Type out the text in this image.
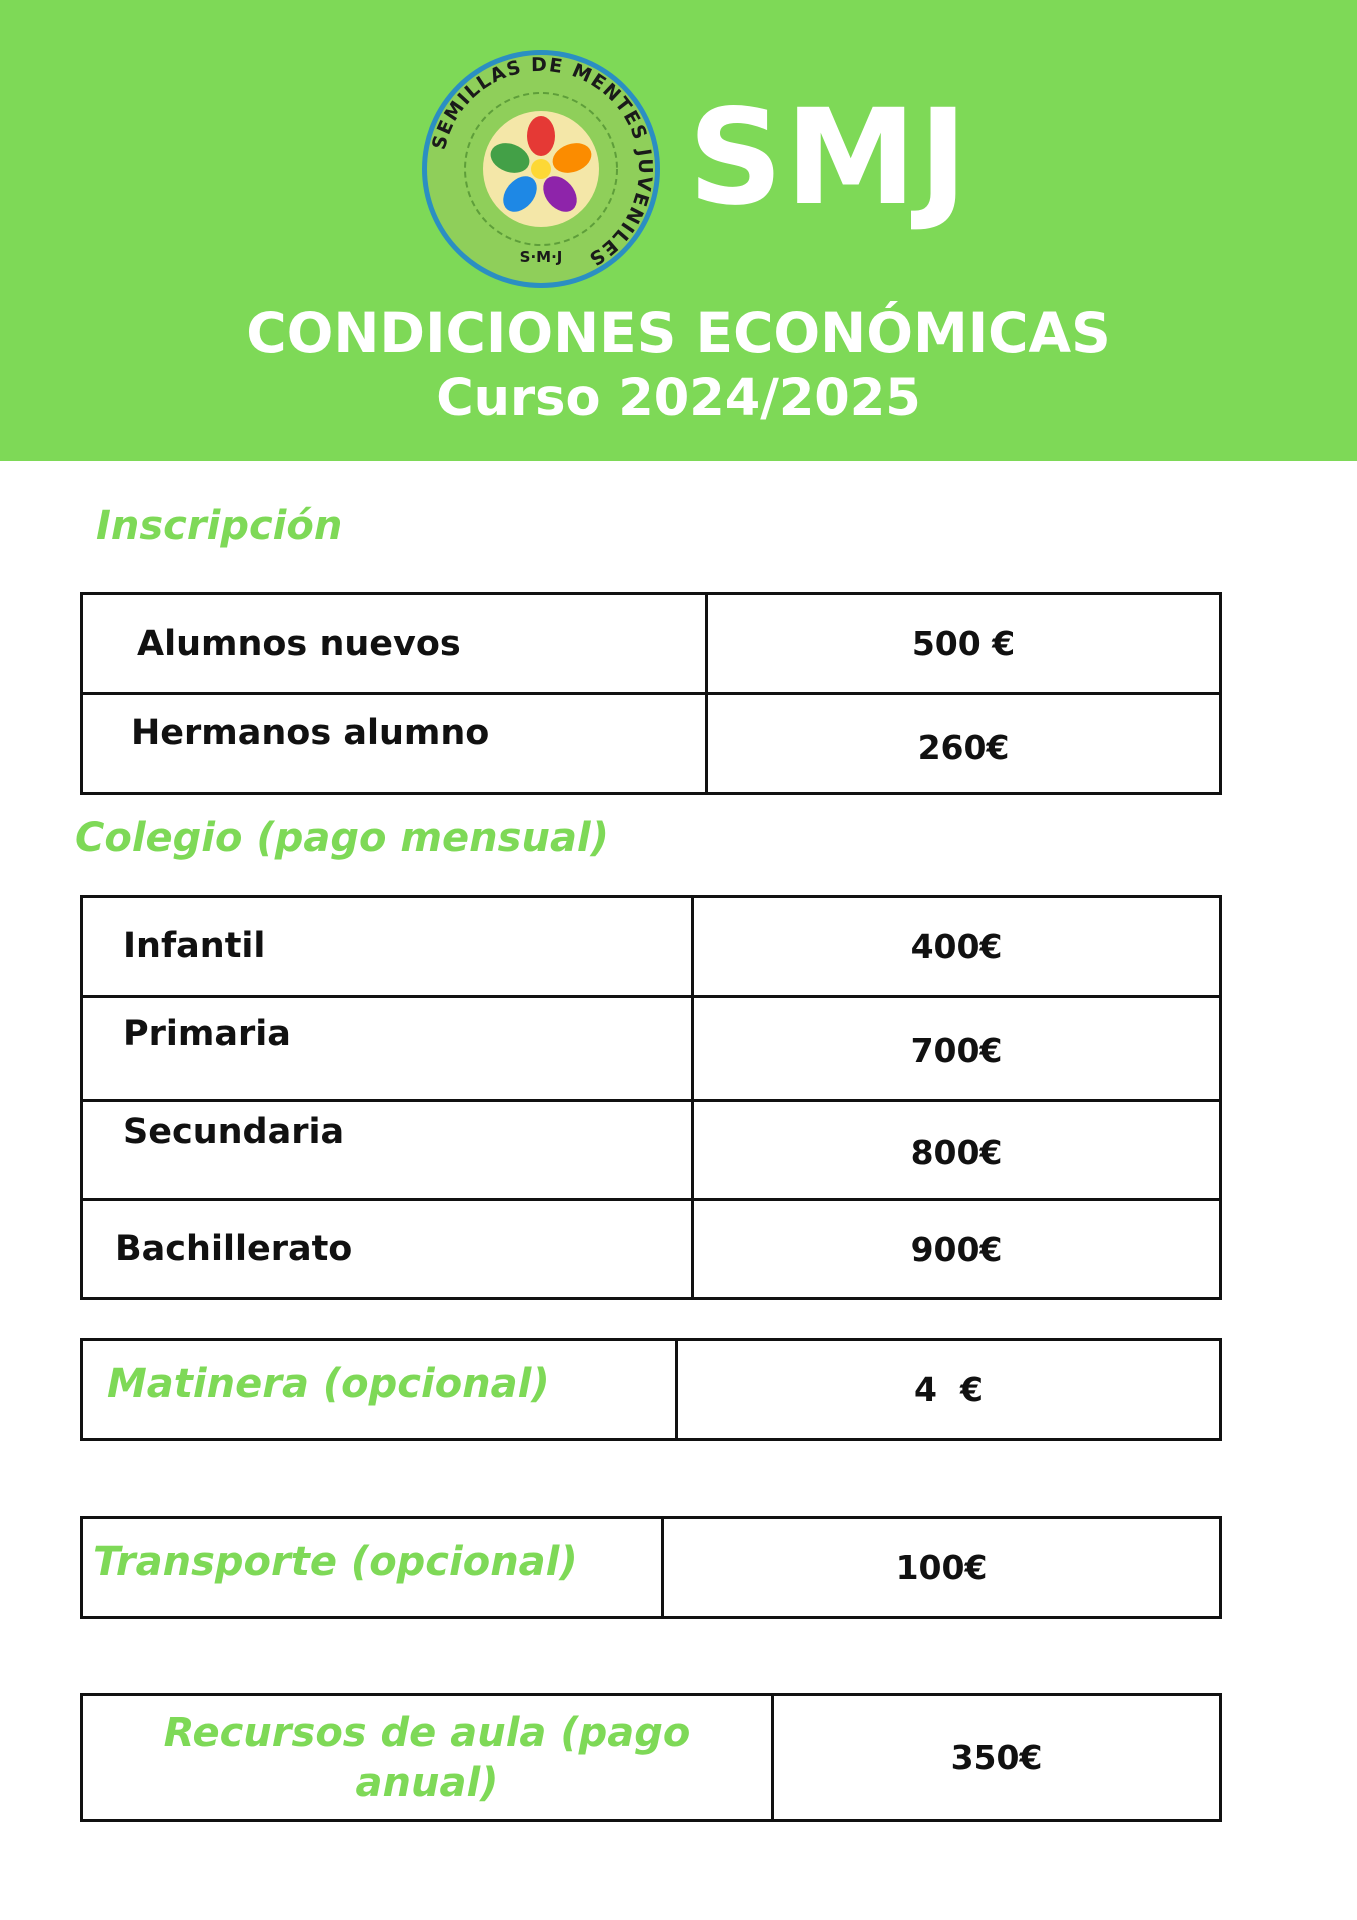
SEMILLAS DE MENTES JUVENILES
S·M·J
SMJ
CONDICIONES ECONÓMICAS
Curso 2024/2025
Inscripción
Alumnos nuevos	500 €
Hermanos alumno	260€
Colegio (pago mensual)
Infantil	400€
Primaria	700€
Secundaria	800€
Bachillerato	900€
Matinera (opcional)	4  €
Transporte (opcional)	100€
Recursos de aula (pago anual)	350€
